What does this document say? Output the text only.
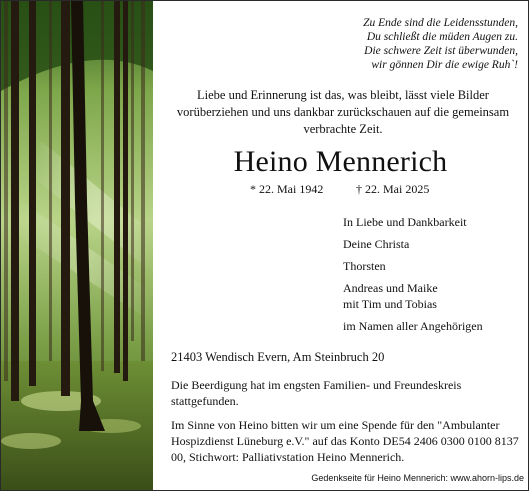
Zu Ende sind die Leidensstunden,
Du schließt die müden Augen zu.
Die schwere Zeit ist überwunden,
wir gönnen Dir die ewige Ruh`!
Liebe und Erinnerung ist das, was bleibt, lässt viele Bilder vorüberziehen und uns dankbar zurückschauen auf die gemeinsam verbrachte Zeit.
Heino Mennerich
* 22. Mai 1942	† 22. Mai 2025
In Liebe und Dankbarkeit
Deine Christa
Thorsten
Andreas und Maike
mit Tim und Tobias
im Namen aller Angehörigen
21403 Wendisch Evern, Am Steinbruch 20
Die Beerdigung hat im engsten Familien- und Freundeskreis stattgefunden.
Im Sinne von Heino bitten wir um eine Spende für den "Ambulanter Hospizdienst Lüneburg e.V." auf das Konto DE54 2406 0300 0100 8137 00, Stichwort: Palliativstation Heino Mennerich.
Gedenkseite für Heino Mennerich: www.ahorn-lips.de
